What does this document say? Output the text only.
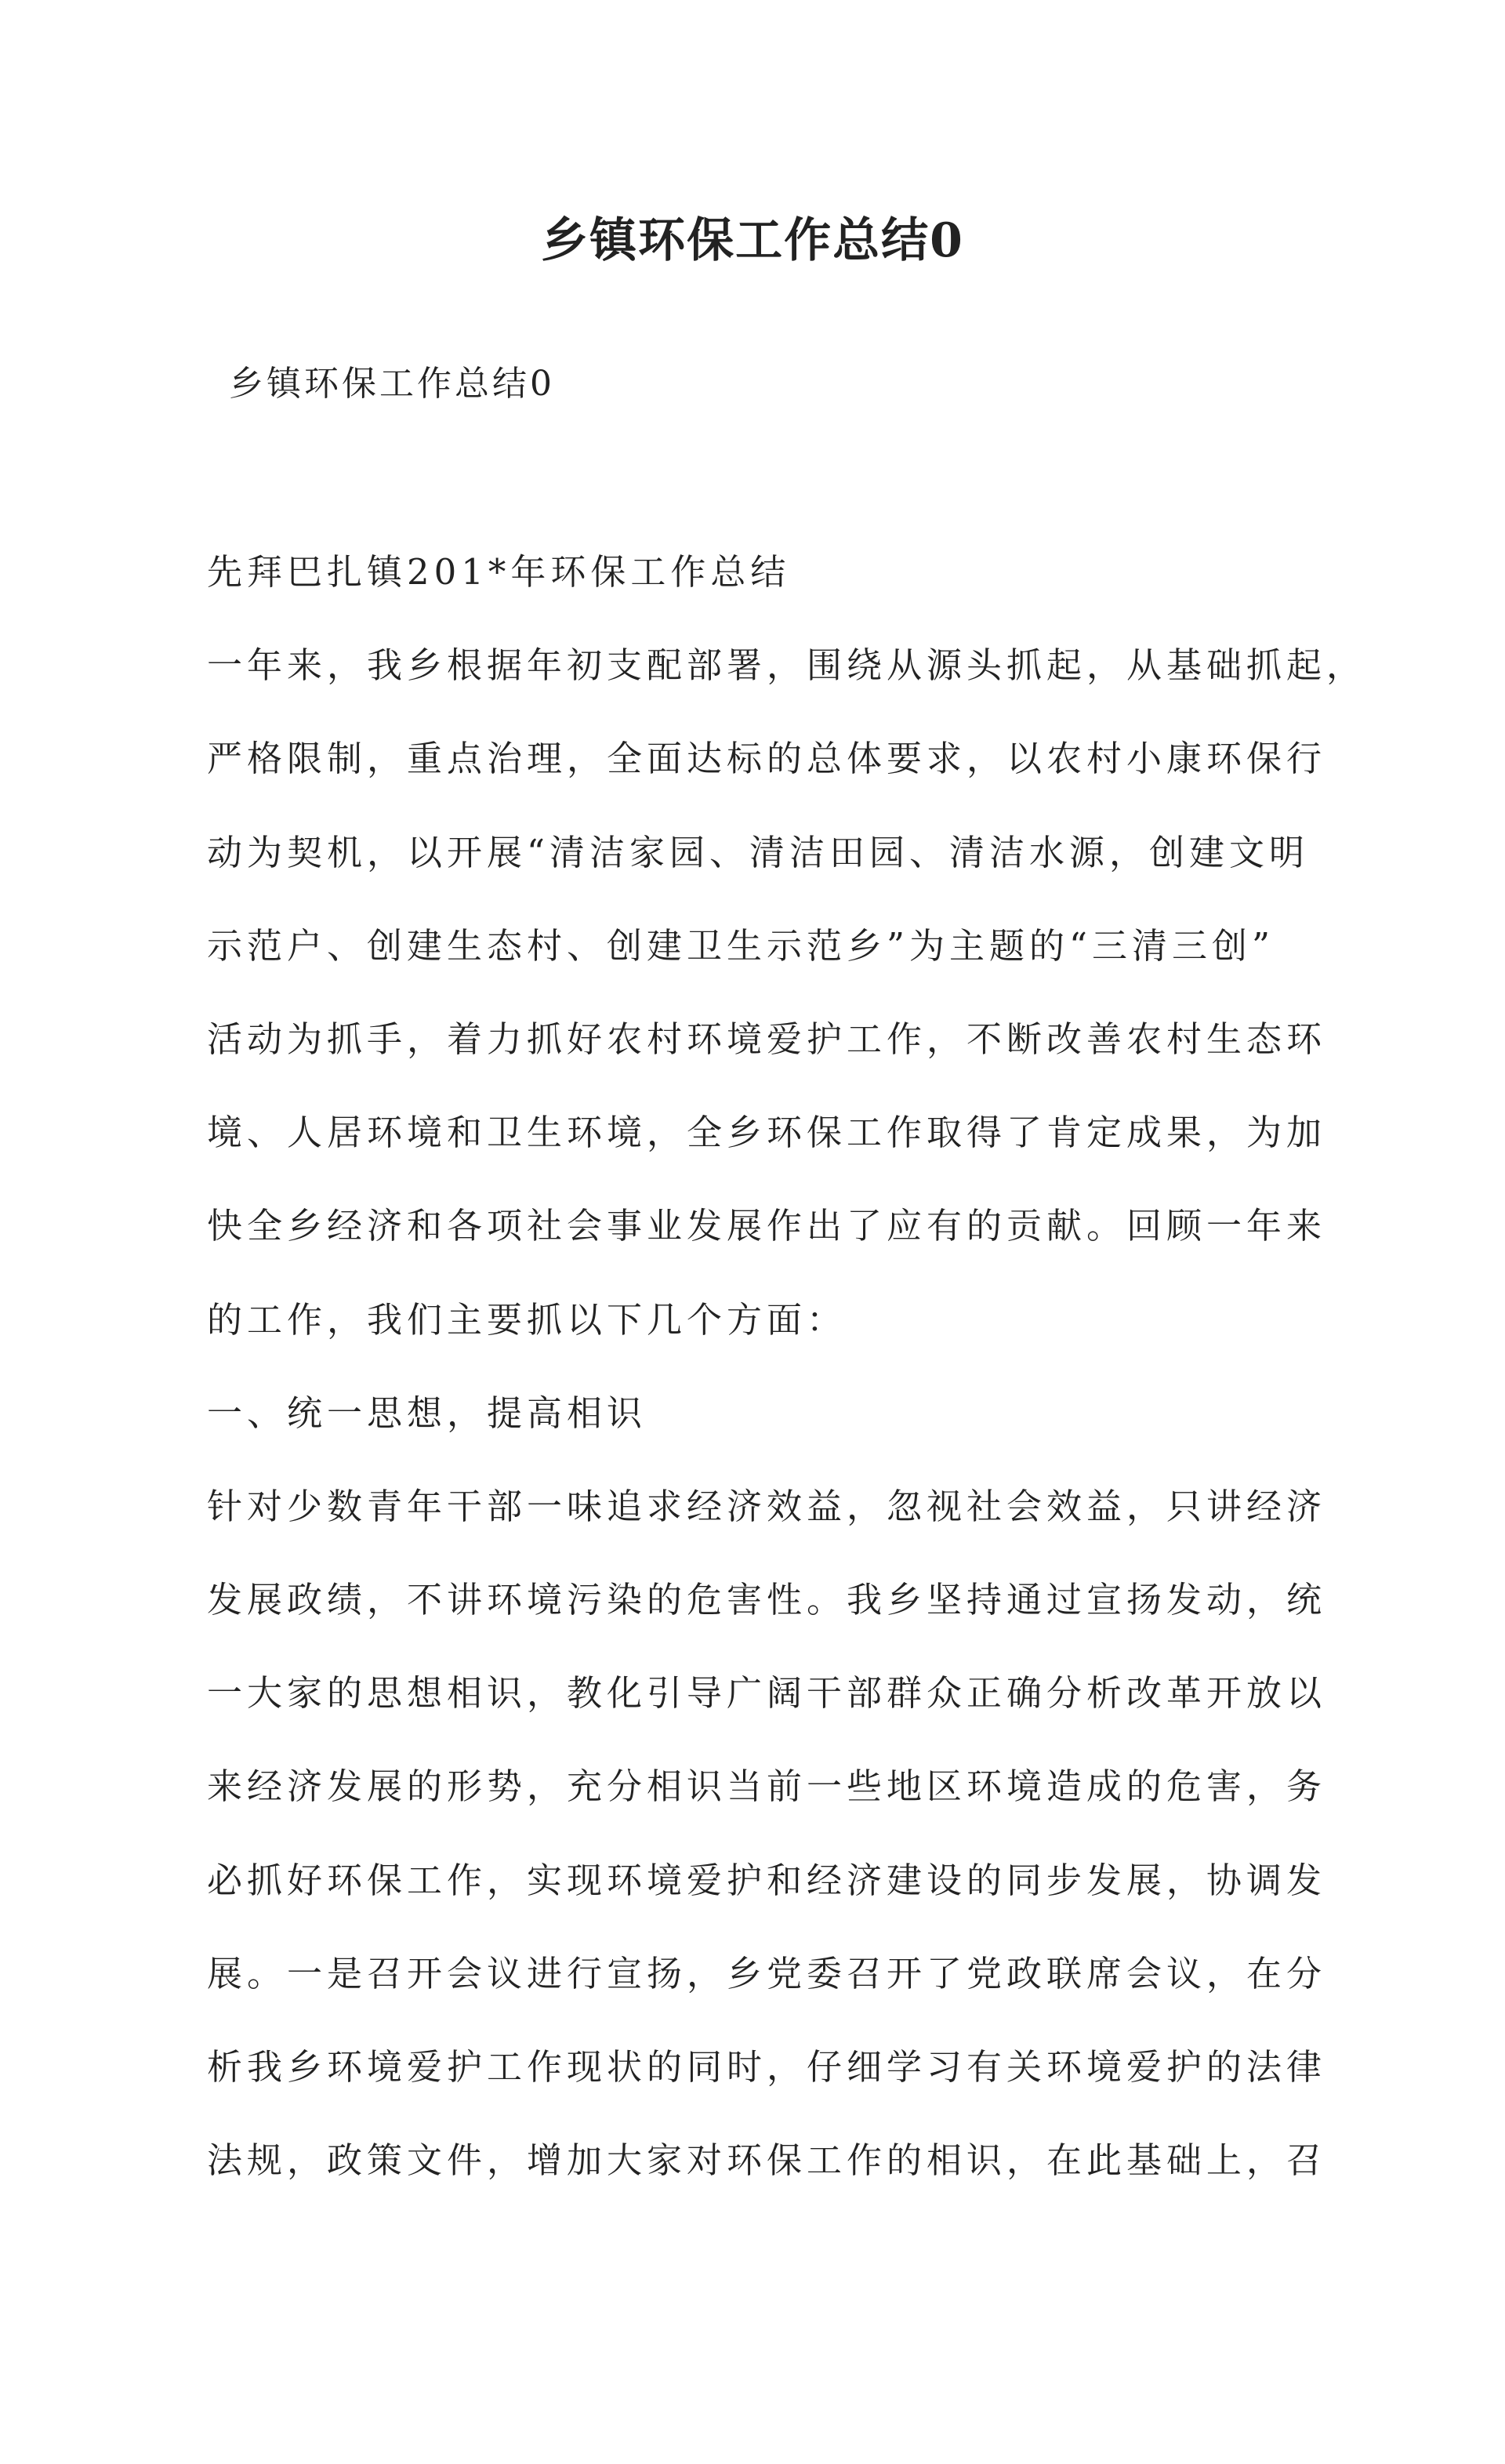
乡镇环保工作总结0

乡镇环保工作总结0

先拜巴扎镇201*年环保工作总结
一年来，我乡根据年初支配部署，围绕从源头抓起，从基础抓起，
严格限制，重点治理，全面达标的总体要求，以农村小康环保行
动为契机，以开展“清洁家园、清洁田园、清洁水源，创建文明
示范户、创建生态村、创建卫生示范乡”为主题的“三清三创”
活动为抓手，着力抓好农村环境爱护工作，不断改善农村生态环
境、人居环境和卫生环境，全乡环保工作取得了肯定成果，为加
快全乡经济和各项社会事业发展作出了应有的贡献。回顾一年来
的工作，我们主要抓以下几个方面：
一、统一思想，提高相识
针对少数青年干部一味追求经济效益，忽视社会效益，只讲经济
发展政绩，不讲环境污染的危害性。我乡坚持通过宣扬发动，统
一大家的思想相识，教化引导广阔干部群众正确分析改革开放以
来经济发展的形势，充分相识当前一些地区环境造成的危害，务
必抓好环保工作，实现环境爱护和经济建设的同步发展，协调发
展。一是召开会议进行宣扬，乡党委召开了党政联席会议，在分
析我乡环境爱护工作现状的同时，仔细学习有关环境爱护的法律
法规，政策文件，增加大家对环保工作的相识，在此基础上，召
